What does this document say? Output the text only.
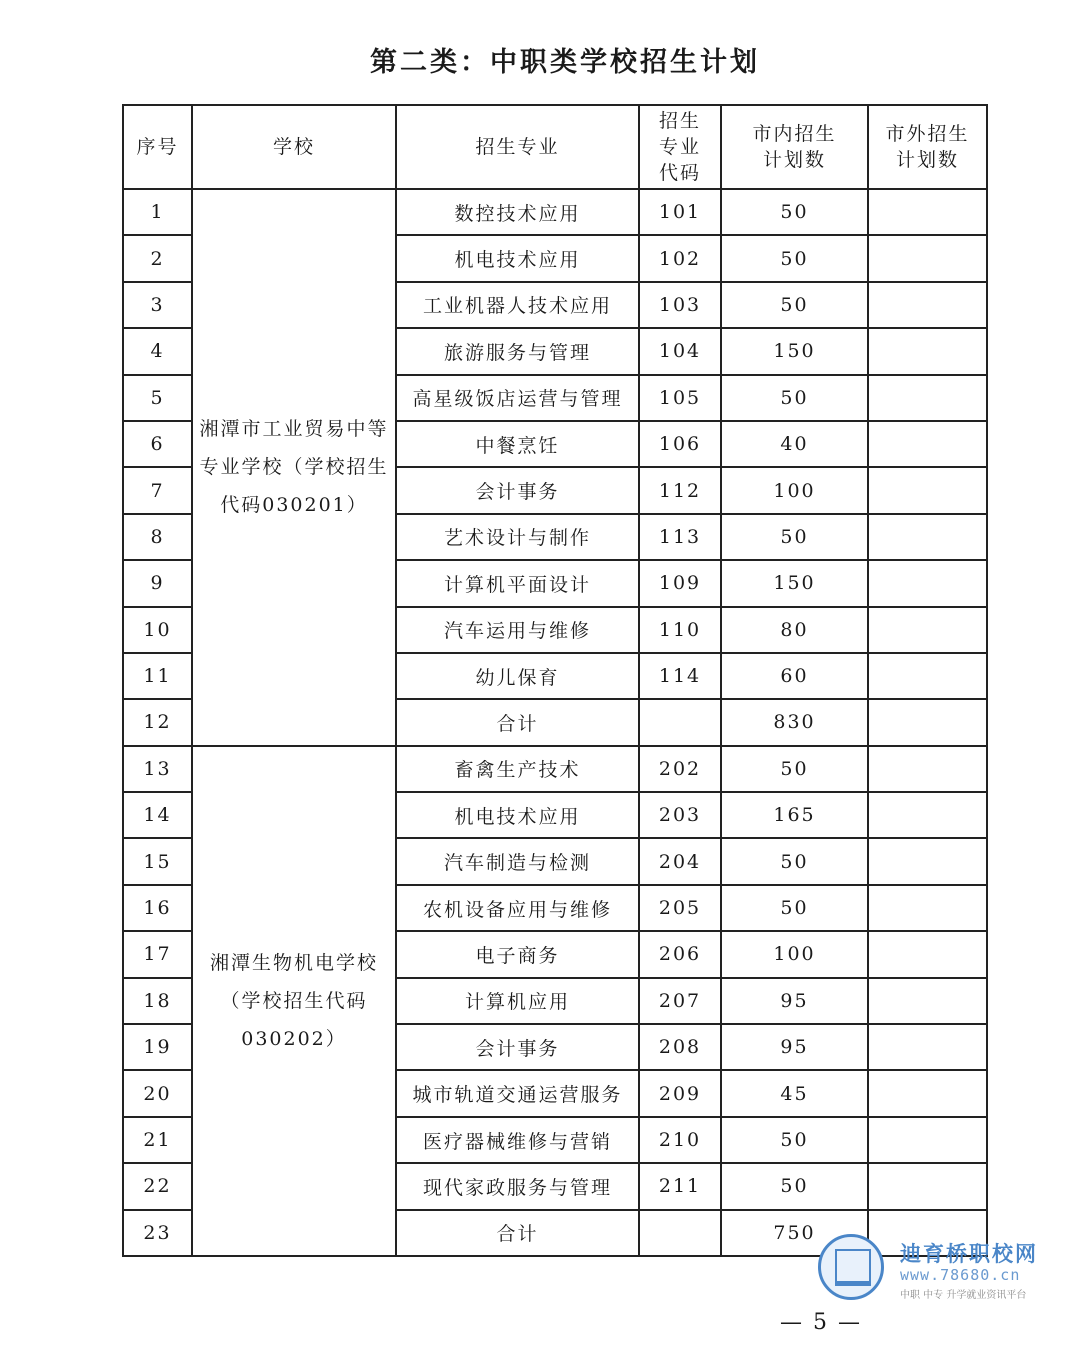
第二类：中职类学校招生计划
序号	学校	招生专业	招生专业代码	市内招生计划数	市外招生计划数
1	湘潭市工业贸易中等专业学校（学校招生代码030201）	数控技术应用	101	50	
2		机电技术应用	102	50	
3		工业机器人技术应用	103	50	
4		旅游服务与管理	104	150	
5		高星级饭店运营与管理	105	50	
6		中餐烹饪	106	40	
7		会计事务	112	100	
8		艺术设计与制作	113	50	
9		计算机平面设计	109	150	
10		汽车运用与维修	110	80	
11		幼儿保育	114	60	
12		合计		830	
13	湘潭生物机电学校（学校招生代码030202）	畜禽生产技术	202	50	
14		机电技术应用	203	165	
15		汽车制造与检测	204	50	
16		农机设备应用与维修	205	50	
17		电子商务	206	100	
18		计算机应用	207	95	
19		会计事务	208	95	
20		城市轨道交通运营服务	209	45	
21		医疗器械维修与营销	210	50	
22		现代家政服务与管理	211	50	
23		合计		750	
迪育桥职校网
www.78680.cn
中职 中专 升学就业资讯平台
— 5 —
